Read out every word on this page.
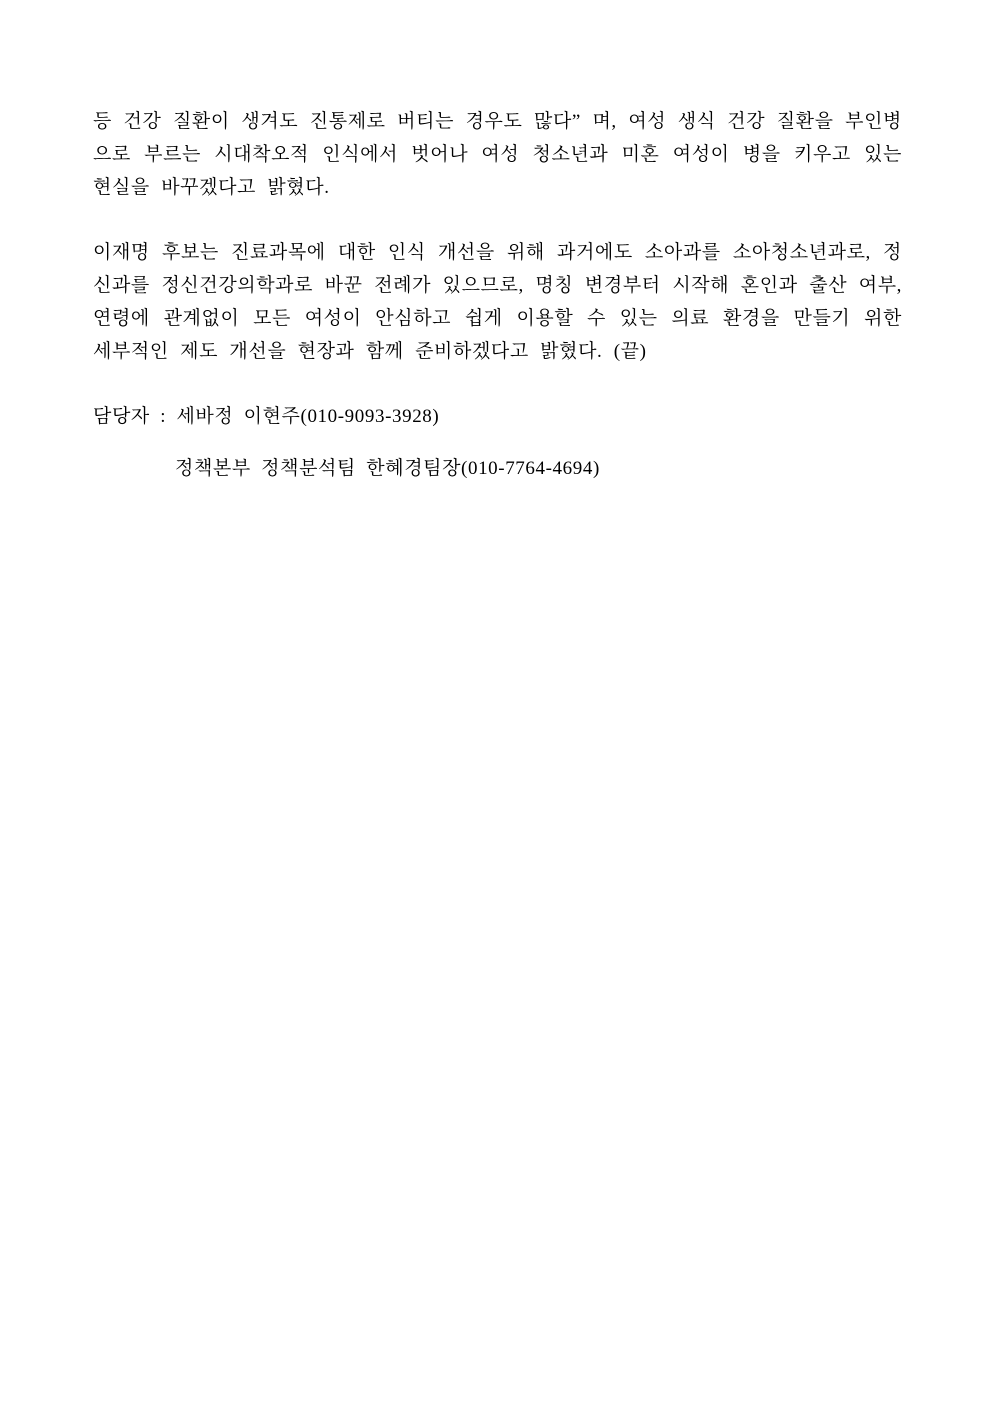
등 건강 질환이 생겨도 진통제로 버티는 경우도 많다” 며, 여성 생식 건강 질환을 부인병으로 부르는 시대착오적 인식에서 벗어나 여성 청소년과 미혼 여성이 병을 키우고 있는 현실을 바꾸겠다고 밝혔다.

이재명 후보는 진료과목에 대한 인식 개선을 위해 과거에도 소아과를 소아청소년과로, 정신과를 정신건강의학과로 바꾼 전례가 있으므로, 명칭 변경부터 시작해 혼인과 출산 여부, 연령에 관계없이 모든 여성이 안심하고 쉽게 이용할 수 있는 의료 환경을 만들기 위한 세부적인 제도 개선을 현장과 함께 준비하겠다고 밝혔다. (끝)

담당자 : 세바정 이현주(010-9093-3928)

정책본부 정책분석팀 한혜경팀장(010-7764-4694)
